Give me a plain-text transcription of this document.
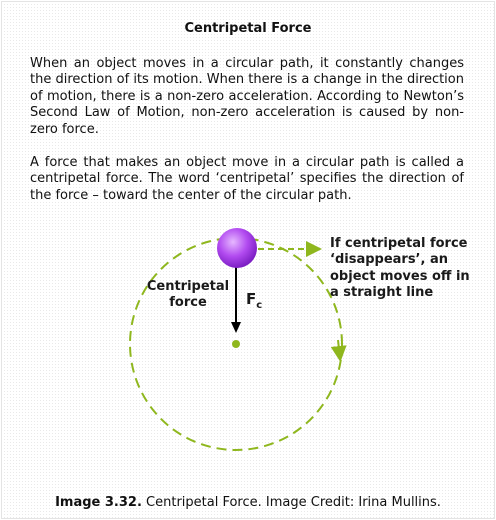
Centripetal Force

When an object moves in a circular path, it constantly changes the direction of its motion. When there is a change in the direction of motion, there is a non-zero acceleration. According to Newton’s Second Law of Motion, non-zero acceleration is caused by non-zero force.

A force that makes an object move in a circular path is called a centripetal force. The word ‘centripetal’ specifies the direction of the force – toward the center of the circular path.

Centripetal force	$F_c$
If centripetal force ‘disappears’, an object moves off in a straight line
Image 3.32. Centripetal Force. Image Credit: Irina Mullins.
